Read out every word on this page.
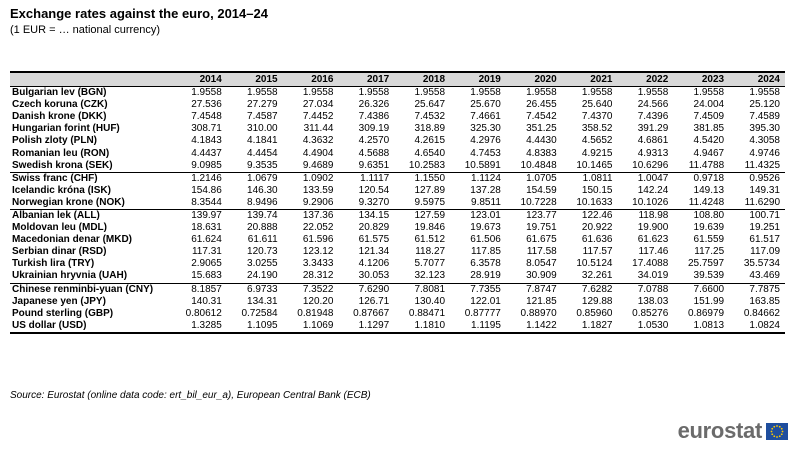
Exchange rates against the euro, 2014–24
(1 EUR = … national currency)
	2014	2015	2016	2017	2018	2019	2020	2021	2022	2023	2024
Bulgarian lev (BGN)	1.9558	1.9558	1.9558	1.9558	1.9558	1.9558	1.9558	1.9558	1.9558	1.9558	1.9558
Czech koruna (CZK)	27.536	27.279	27.034	26.326	25.647	25.670	26.455	25.640	24.566	24.004	25.120
Danish krone (DKK)	7.4548	7.4587	7.4452	7.4386	7.4532	7.4661	7.4542	7.4370	7.4396	7.4509	7.4589
Hungarian forint (HUF)	308.71	310.00	311.44	309.19	318.89	325.30	351.25	358.52	391.29	381.85	395.30
Polish zloty (PLN)	4.1843	4.1841	4.3632	4.2570	4.2615	4.2976	4.4430	4.5652	4.6861	4.5420	4.3058
Romanian leu (RON)	4.4437	4.4454	4.4904	4.5688	4.6540	4.7453	4.8383	4.9215	4.9313	4.9467	4.9746
Swedish krona (SEK)	9.0985	9.3535	9.4689	9.6351	10.2583	10.5891	10.4848	10.1465	10.6296	11.4788	11.4325
Swiss franc (CHF)	1.2146	1.0679	1.0902	1.1117	1.1550	1.1124	1.0705	1.0811	1.0047	0.9718	0.9526
Icelandic króna (ISK)	154.86	146.30	133.59	120.54	127.89	137.28	154.59	150.15	142.24	149.13	149.31
Norwegian krone (NOK)	8.3544	8.9496	9.2906	9.3270	9.5975	9.8511	10.7228	10.1633	10.1026	11.4248	11.6290
Albanian lek (ALL)	139.97	139.74	137.36	134.15	127.59	123.01	123.77	122.46	118.98	108.80	100.71
Moldovan leu (MDL)	18.631	20.888	22.052	20.829	19.846	19.673	19.751	20.922	19.900	19.639	19.251
Macedonian denar (MKD)	61.624	61.611	61.596	61.575	61.512	61.506	61.675	61.636	61.623	61.559	61.517
Serbian dinar (RSD)	117.31	120.73	123.12	121.34	118.27	117.85	117.58	117.57	117.46	117.25	117.09
Turkish lira (TRY)	2.9065	3.0255	3.3433	4.1206	5.7077	6.3578	8.0547	10.5124	17.4088	25.7597	35.5734
Ukrainian hryvnia (UAH)	15.683	24.190	28.312	30.053	32.123	28.919	30.909	32.261	34.019	39.539	43.469
Chinese renminbi-yuan (CNY)	8.1857	6.9733	7.3522	7.6290	7.8081	7.7355	7.8747	7.6282	7.0788	7.6600	7.7875
Japanese yen (JPY)	140.31	134.31	120.20	126.71	130.40	122.01	121.85	129.88	138.03	151.99	163.85
Pound sterling (GBP)	0.80612	0.72584	0.81948	0.87667	0.88471	0.87777	0.88970	0.85960	0.85276	0.86979	0.84662
US dollar (USD)	1.3285	1.1095	1.1069	1.1297	1.1810	1.1195	1.1422	1.1827	1.0530	1.0813	1.0824
Source: Eurostat (online data code: ert_bil_eur_a), European Central Bank (ECB)
eurostat
